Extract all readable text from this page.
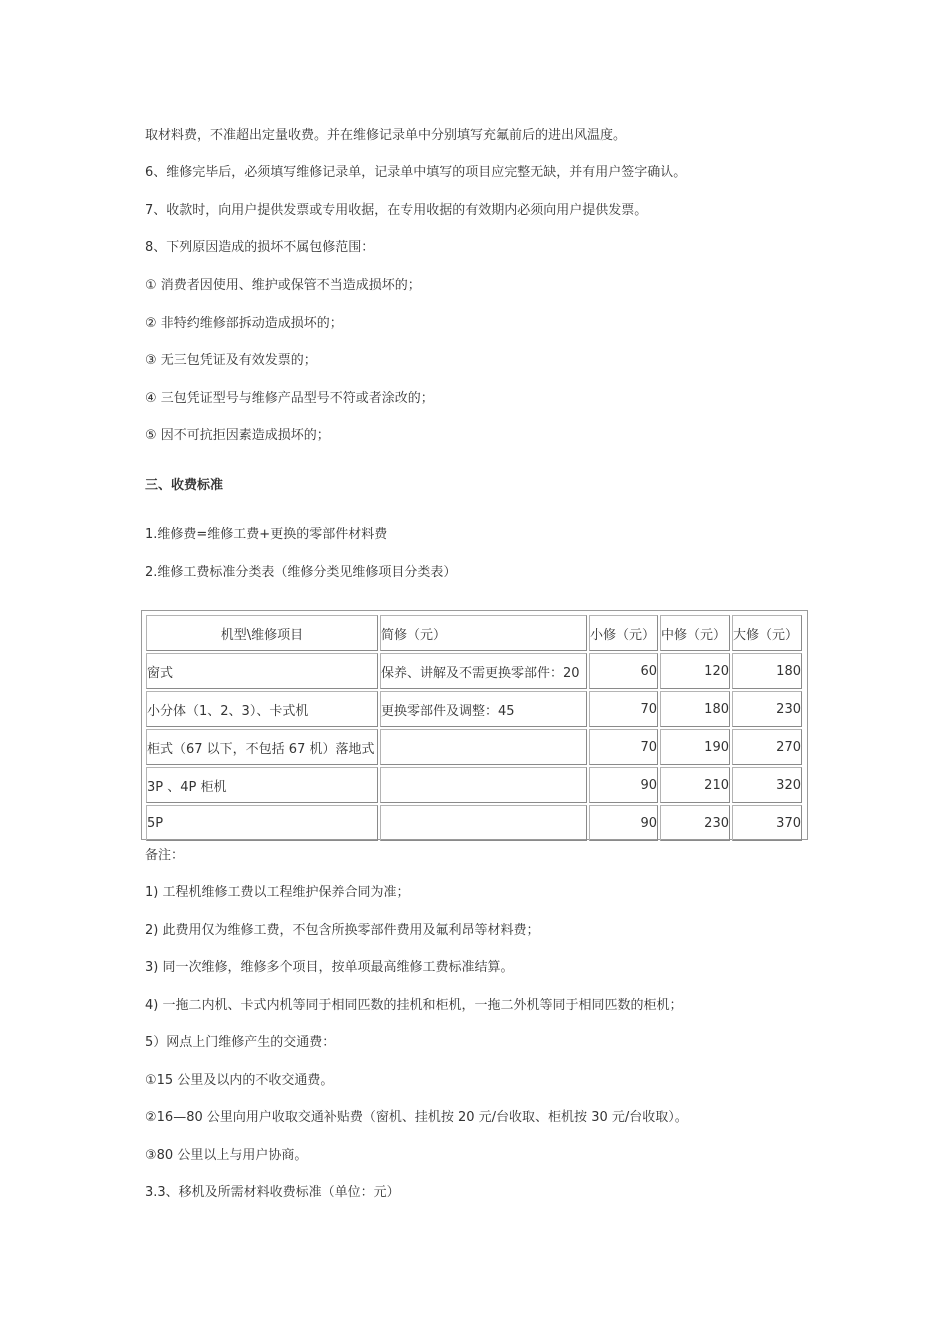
取材料费，不准超出定量收费。并在维修记录单中分别填写充氟前后的进出风温度。
6、维修完毕后，必须填写维修记录单，记录单中填写的项目应完整无缺，并有用户签字确认。
7、收款时，向用户提供发票或专用收据，在专用收据的有效期内必须向用户提供发票。
8、下列原因造成的损坏不属包修范围：
① 消费者因使用、维护或保管不当造成损坏的；
② 非特约维修部拆动造成损坏的；
③ 无三包凭证及有效发票的；
④ 三包凭证型号与维修产品型号不符或者涂改的；
⑤ 因不可抗拒因素造成损坏的；
三、收费标准
1.维修费=维修工费+更换的零部件材料费
2.维修工费标准分类表（维修分类见维修项目分类表）
机型\维修项目	简修（元）	小修（元）	中修（元）	大修（元）
窗式	保养、讲解及不需更换零部件：20	60	120	180
小分体（1、2、3）、卡式机	更换零部件及调整：45	70	180	230
柜式（67 以下，不包括 67 机）落地式		70	190	270
3P 、4P 柜机		90	210	320
5P		90	230	370
备注：
1) 工程机维修工费以工程维护保养合同为准；
2) 此费用仅为维修工费，不包含所换零部件费用及氟利昂等材料费；
3) 同一次维修，维修多个项目，按单项最高维修工费标准结算。
4) 一拖二内机、卡式内机等同于相同匹数的挂机和柜机，一拖二外机等同于相同匹数的柜机；
5）网点上门维修产生的交通费：
①15 公里及以内的不收交通费。
②16—80 公里向用户收取交通补贴费（窗机、挂机按 20 元/台收取、柜机按 30 元/台收取）。
③80 公里以上与用户协商。
3.3、移机及所需材料收费标准（单位：元）
